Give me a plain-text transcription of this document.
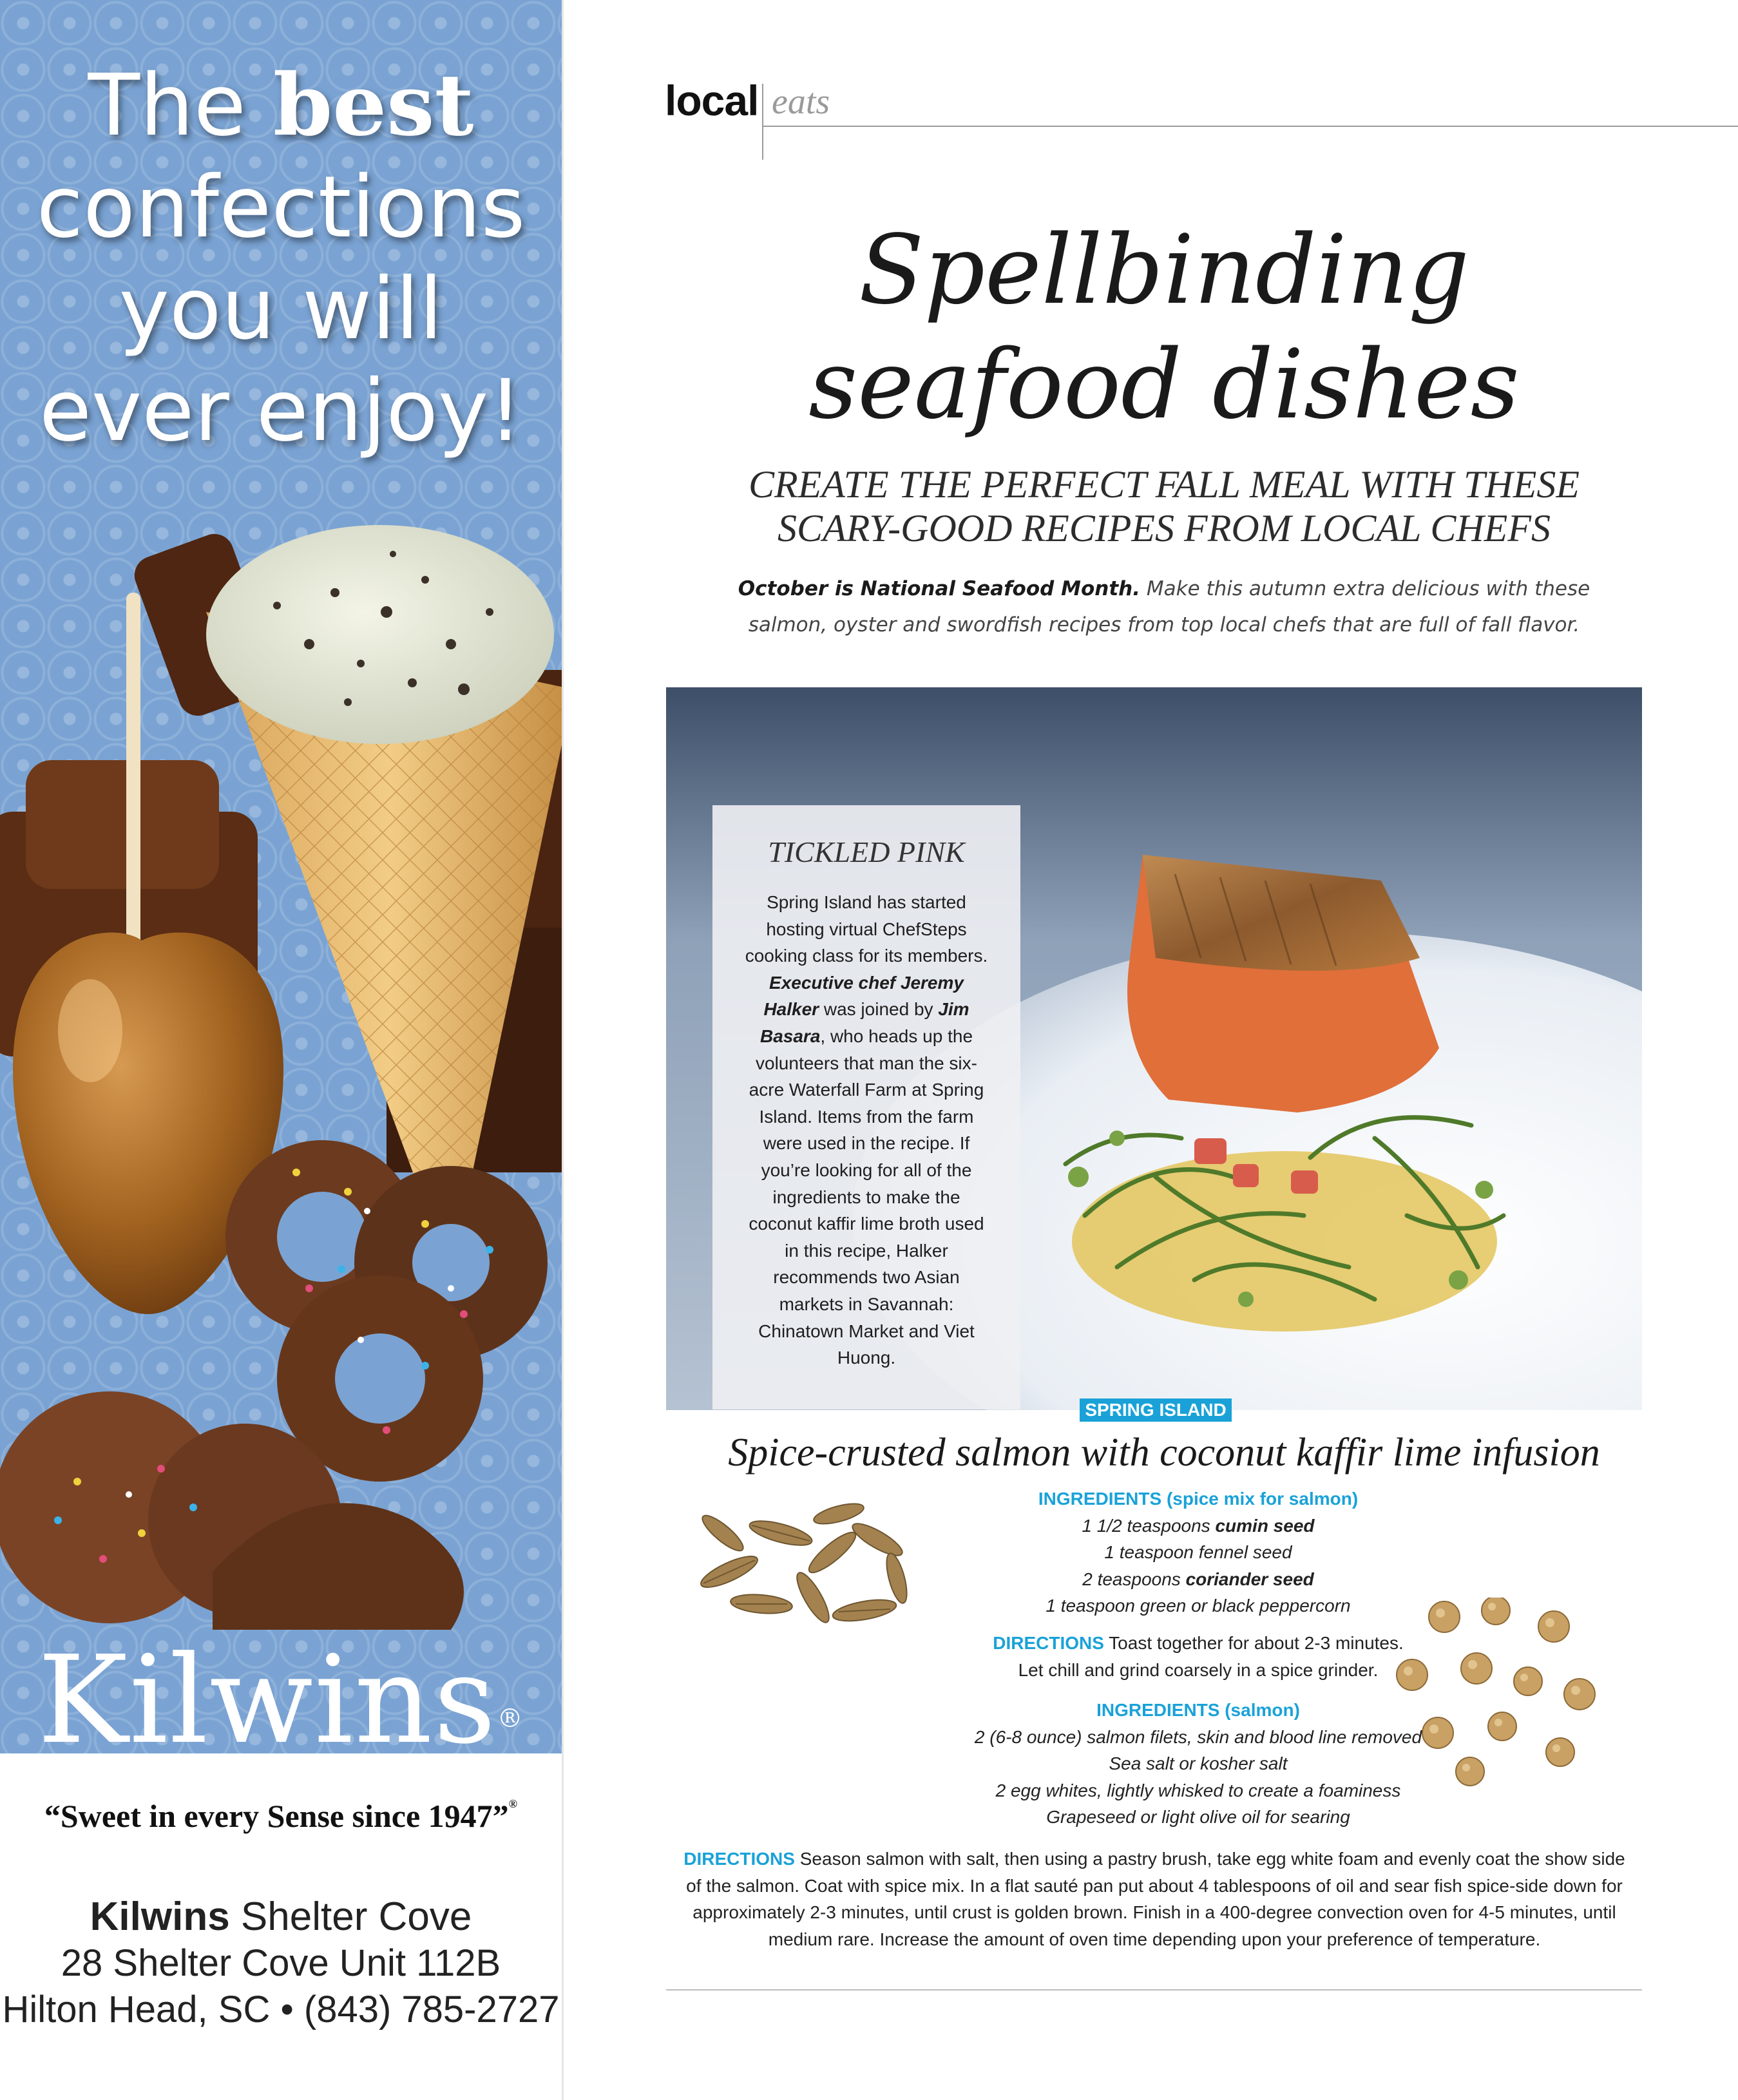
The best
confections
you will
ever enjoy!
Kilwins®
“Sweet in every Sense since 1947”®
Kilwins Shelter Cove
28 Shelter Cove Unit 112B
Hilton Head, SC • (843) 785-2727
local eats
Spellbinding
seafood dishes
CREATE THE PERFECT FALL MEAL WITH THESE
SCARY-GOOD RECIPES FROM LOCAL CHEFS
October is National Seafood Month. Make this autumn extra delicious with these
salmon, oyster and swordfish recipes from top local chefs that are full of fall flavor.
TICKLED PINK
Spring Island has started hosting virtual ChefSteps cooking class for its members. Executive chef Jeremy Halker was joined by Jim Basara, who heads up the volunteers that man the six-acre Waterfall Farm at Spring Island. Items from the farm were used in the recipe. If you’re looking for all of the ingredients to make the coconut kaffir lime broth used in this recipe, Halker recommends two Asian markets in Savannah: Chinatown Market and Viet Huong.
SPRING ISLAND
Spice-crusted salmon with coconut kaffir lime infusion
INGREDIENTS (spice mix for salmon)
1 1/2 teaspoons cumin seed
1 teaspoon fennel seed
2 teaspoons coriander seed
1 teaspoon green or black peppercorn
DIRECTIONS Toast together for about 2-3 minutes.
Let chill and grind coarsely in a spice grinder.
INGREDIENTS (salmon)
2 (6-8 ounce) salmon filets, skin and blood line removed
Sea salt or kosher salt
2 egg whites, lightly whisked to create a foaminess
Grapeseed or light olive oil for searing
DIRECTIONS Season salmon with salt, then using a pastry brush, take egg white foam and evenly coat the show side of the salmon. Coat with spice mix. In a flat sauté pan put about 4 tablespoons of oil and sear fish spice-side down for approximately 2-3 minutes, until crust is golden brown. Finish in a 400-degree convection oven for 4-5 minutes, until medium rare. Increase the amount of oven time depending upon your preference of temperature.
